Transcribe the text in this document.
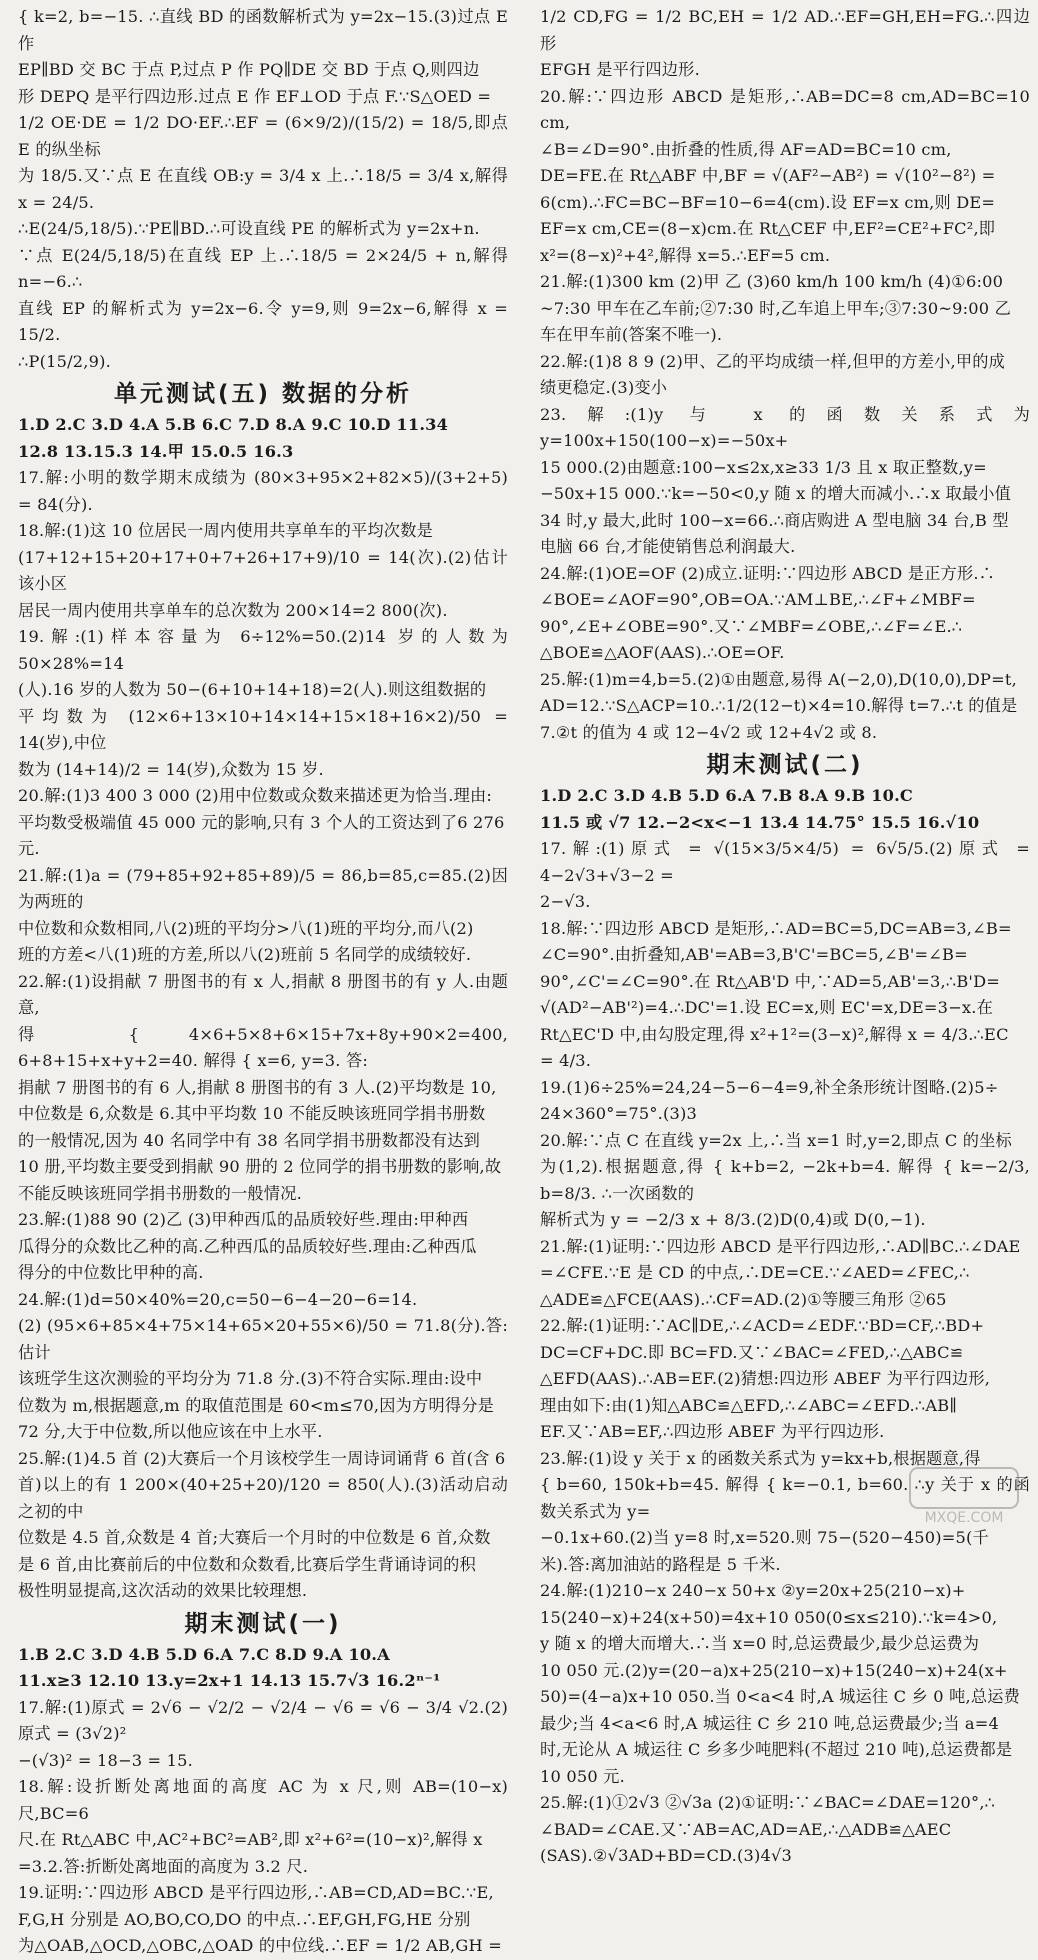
{ k=2, b=−15. ∴直线 BD 的函数解析式为 y=2x−15.(3)过点 E 作

EP∥BD 交 BC 于点 P,过点 P 作 PQ∥DE 交 BD 于点 Q,则四边

形 DEPQ 是平行四边形.过点 E 作 EF⊥OD 于点 F.∵S△OED =

1/2 OE·DE = 1/2 DO·EF.∴EF = (6×9/2)/(15/2) = 18/5,即点 E 的纵坐标

为 18/5.又∵点 E 在直线 OB:y = 3/4 x 上.∴18/5 = 3/4 x,解得 x = 24/5.

∴E(24/5,18/5).∵PE∥BD.∴可设直线 PE 的解析式为 y=2x+n.

∵点 E(24/5,18/5)在直线 EP 上.∴18/5 = 2×24/5 + n,解得 n=−6.∴

直线 EP 的解析式为 y=2x−6.令 y=9,则 9=2x−6,解得 x = 15/2.

∴P(15/2,9).

单元测试(五) 数据的分析

1.D 2.C 3.D 4.A 5.B 6.C 7.D 8.A 9.C 10.D 11.34

12.8 13.15.3 14.甲 15.0.5 16.3

17.解:小明的数学期末成绩为 (80×3+95×2+82×5)/(3+2+5) = 84(分).

18.解:(1)这 10 位居民一周内使用共享单车的平均次数是

(17+12+15+20+17+0+7+26+17+9)/10 = 14(次).(2)估计该小区

居民一周内使用共享单车的总次数为 200×14=2 800(次).

19.解:(1)样本容量为 6÷12%=50.(2)14 岁的人数为 50×28%=14

(人).16 岁的人数为 50−(6+10+14+18)=2(人).则这组数据的

平均数为 (12×6+13×10+14×14+15×18+16×2)/50 = 14(岁),中位

数为 (14+14)/2 = 14(岁),众数为 15 岁.

20.解:(1)3 400 3 000 (2)用中位数或众数来描述更为恰当.理由:

平均数受极端值 45 000 元的影响,只有 3 个人的工资达到了6 276

元.

21.解:(1)a = (79+85+92+85+89)/5 = 86,b=85,c=85.(2)因为两班的

中位数和众数相同,八(2)班的平均分>八(1)班的平均分,而八(2)

班的方差<八(1)班的方差,所以八(2)班前 5 名同学的成绩较好.

22.解:(1)设捐献 7 册图书的有 x 人,捐献 8 册图书的有 y 人.由题意,

得 { 4×6+5×8+6×15+7x+8y+90×2=400, 6+8+15+x+y+2=40. 解得 { x=6, y=3. 答:

捐献 7 册图书的有 6 人,捐献 8 册图书的有 3 人.(2)平均数是 10,

中位数是 6,众数是 6.其中平均数 10 不能反映该班同学捐书册数

的一般情况,因为 40 名同学中有 38 名同学捐书册数都没有达到

10 册,平均数主要受到捐献 90 册的 2 位同学的捐书册数的影响,故

不能反映该班同学捐书册数的一般情况.

23.解:(1)88 90 (2)乙 (3)甲种西瓜的品质较好些.理由:甲种西

瓜得分的众数比乙种的高.乙种西瓜的品质较好些.理由:乙种西瓜

得分的中位数比甲种的高.

24.解:(1)d=50×40%=20,c=50−6−4−20−6=14.

(2) (95×6+85×4+75×14+65×20+55×6)/50 = 71.8(分).答:估计

该班学生这次测验的平均分为 71.8 分.(3)不符合实际.理由:设中

位数为 m,根据题意,m 的取值范围是 60<m≤70,因为方明得分是

72 分,大于中位数,所以他应该在中上水平.

25.解:(1)4.5 首 (2)大赛后一个月该校学生一周诗词诵背 6 首(含 6

首)以上的有 1 200×(40+25+20)/120 = 850(人).(3)活动启动之初的中

位数是 4.5 首,众数是 4 首;大赛后一个月时的中位数是 6 首,众数

是 6 首,由比赛前后的中位数和众数看,比赛后学生背诵诗词的积

极性明显提高,这次活动的效果比较理想.

期末测试(一)

1.B 2.C 3.D 4.B 5.D 6.A 7.C 8.D 9.A 10.A

11.x≥3 12.10 13.y=2x+1 14.13 15.7√3 16.2ⁿ⁻¹

17.解:(1)原式 = 2√6 − √2/2 − √2/4 − √6 = √6 − 3/4 √2.(2)原式 = (3√2)²

−(√3)² = 18−3 = 15.

18.解:设折断处离地面的高度 AC 为 x 尺,则 AB=(10−x)尺,BC=6

尺.在 Rt△ABC 中,AC²+BC²=AB²,即 x²+6²=(10−x)²,解得 x

=3.2.答:折断处离地面的高度为 3.2 尺.

19.证明:∵四边形 ABCD 是平行四边形,∴AB=CD,AD=BC.∵E,

F,G,H 分别是 AO,BO,CO,DO 的中点.∴EF,GH,FG,HE 分别

为△OAB,△OCD,△OBC,△OAD 的中位线.∴EF = 1/2 AB,GH =

1/2 CD,FG = 1/2 BC,EH = 1/2 AD.∴EF=GH,EH=FG.∴四边形

EFGH 是平行四边形.

20.解:∵四边形 ABCD 是矩形,∴AB=DC=8 cm,AD=BC=10 cm,

∠B=∠D=90°.由折叠的性质,得 AF=AD=BC=10 cm,

DE=FE.在 Rt△ABF 中,BF = √(AF²−AB²) = √(10²−8²) =

6(cm).∴FC=BC−BF=10−6=4(cm).设 EF=x cm,则 DE=

EF=x cm,CE=(8−x)cm.在 Rt△CEF 中,EF²=CE²+FC²,即

x²=(8−x)²+4²,解得 x=5.∴EF=5 cm.

21.解:(1)300 km (2)甲 乙 (3)60 km/h 100 km/h (4)①6:00

~7:30 甲车在乙车前;②7:30 时,乙车追上甲车;③7:30~9:00 乙

车在甲车前(答案不唯一).

22.解:(1)8 8 9 (2)甲、乙的平均成绩一样,但甲的方差小,甲的成

绩更稳定.(3)变小

23.解:(1)y 与 x 的函数关系式为 y=100x+150(100−x)=−50x+

15 000.(2)由题意:100−x≤2x,x≥33 1/3 且 x 取正整数,y=

−50x+15 000.∵k=−50<0,y 随 x 的增大而减小.∴x 取最小值

34 时,y 最大,此时 100−x=66.∴商店购进 A 型电脑 34 台,B 型

电脑 66 台,才能使销售总利润最大.

24.解:(1)OE=OF (2)成立.证明:∵四边形 ABCD 是正方形.∴

∠BOE=∠AOF=90°,OB=OA.∵AM⊥BE,∴∠F+∠MBF=

90°,∠E+∠OBE=90°.又∵∠MBF=∠OBE,∴∠F=∠E.∴

△BOE≌△AOF(AAS).∴OE=OF.

25.解:(1)m=4,b=5.(2)①由题意,易得 A(−2,0),D(10,0),DP=t,

AD=12.∵S△ACP=10.∴1/2(12−t)×4=10.解得 t=7.∴t 的值是

7.②t 的值为 4 或 12−4√2 或 12+4√2 或 8.

期末测试(二)

1.D 2.C 3.D 4.B 5.D 6.A 7.B 8.A 9.B 10.C

11.5 或 √7 12.−2<x<−1 13.4 14.75° 15.5 16.√10

17.解:(1)原式 = √(15×3/5×4/5) = 6√5/5.(2)原式 = 4−2√3+√3−2 =

2−√3.

18.解:∵四边形 ABCD 是矩形,∴AD=BC=5,DC=AB=3,∠B=

∠C=90°.由折叠知,AB'=AB=3,B'C'=BC=5,∠B'=∠B=

90°,∠C'=∠C=90°.在 Rt△AB'D 中,∵AD=5,AB'=3,∴B'D=

√(AD²−AB'²)=4.∴DC'=1.设 EC=x,则 EC'=x,DE=3−x.在

Rt△EC'D 中,由勾股定理,得 x²+1²=(3−x)²,解得 x = 4/3.∴EC

= 4/3.

19.(1)6÷25%=24,24−5−6−4=9,补全条形统计图略.(2)5÷

24×360°=75°.(3)3

20.解:∵点 C 在直线 y=2x 上,∴当 x=1 时,y=2,即点 C 的坐标

为(1,2).根据题意,得 { k+b=2, −2k+b=4. 解得 { k=−2/3, b=8/3. ∴一次函数的

解析式为 y = −2/3 x + 8/3.(2)D(0,4)或 D(0,−1).

21.解:(1)证明:∵四边形 ABCD 是平行四边形,∴AD∥BC.∴∠DAE

=∠CFE.∵E 是 CD 的中点,∴DE=CE.∵∠AED=∠FEC,∴

△ADE≌△FCE(AAS).∴CF=AD.(2)①等腰三角形 ②65

22.解:(1)证明:∵AC∥DE,∴∠ACD=∠EDF.∵BD=CF,∴BD+

DC=CF+DC.即 BC=FD.又∵∠BAC=∠FED,∴△ABC≌

△EFD(AAS).∴AB=EF.(2)猜想:四边形 ABEF 为平行四边形,

理由如下:由(1)知△ABC≌△EFD,∴∠ABC=∠EFD.∴AB∥

EF.又∵AB=EF,∴四边形 ABEF 为平行四边形.

23.解:(1)设 y 关于 x 的函数关系式为 y=kx+b,根据题意,得

{ b=60, 150k+b=45. 解得 { k=−0.1, b=60. ∴y 关于 x 的函数关系式为 y=

−0.1x+60.(2)当 y=8 时,x=520.则 75−(520−450)=5(千

米).答:离加油站的路程是 5 千米.

24.解:(1)210−x 240−x 50+x ②y=20x+25(210−x)+

15(240−x)+24(x+50)=4x+10 050(0≤x≤210).∵k=4>0,

y 随 x 的增大而增大.∴当 x=0 时,总运费最少,最少总运费为

10 050 元.(2)y=(20−a)x+25(210−x)+15(240−x)+24(x+

50)=(4−a)x+10 050.当 0<a<4 时,A 城运往 C 乡 0 吨,总运费

最少;当 4<a<6 时,A 城运往 C 乡 210 吨,总运费最少;当 a=4

时,无论从 A 城运往 C 乡多少吨肥料(不超过 210 吨),总运费都是

10 050 元.

25.解:(1)①2√3 ②√3a (2)①证明:∵∠BAC=∠DAE=120°,∴

∠BAD=∠CAE.又∵AB=AC,AD=AE,∴△ADB≌△AEC

(SAS).②√3AD+BD=CD.(3)4√3

MXQE.COM
